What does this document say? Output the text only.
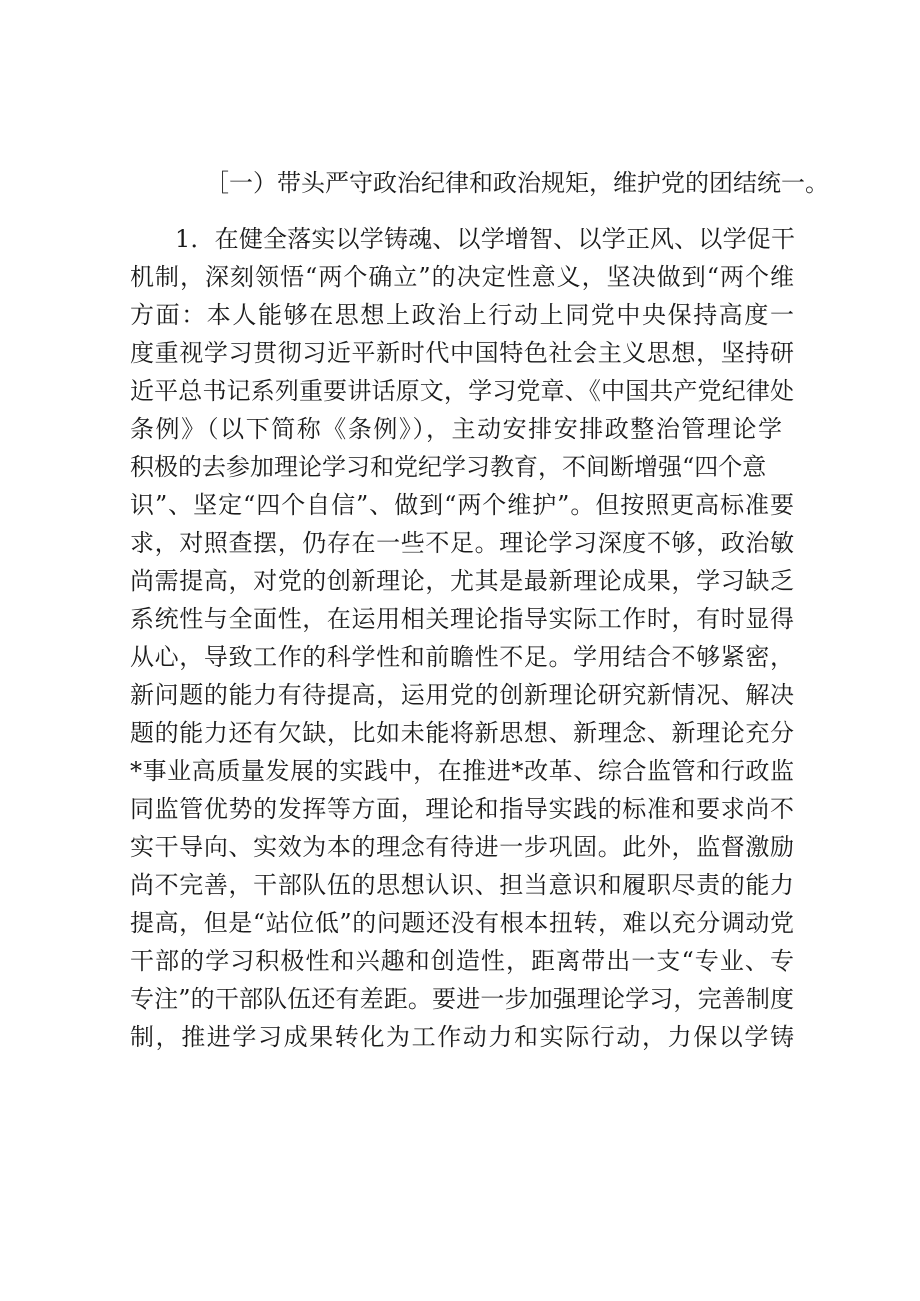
［一）带头严守政治纪律和政治规矩，维护党的团结统一。
1．在健全落实以学铸魂、以学增智、以学正风、以学促干
机制，深刻领悟“两个确立”的决定性意义，坚决做到“两个维
方面：本人能够在思想上政治上行动上同党中央保持高度一
度重视学习贯彻习近平新时代中国特色社会主义思想，坚持研
近平总书记系列重要讲话原文，学习党章、《中国共产党纪律处
条例》（以下简称《条例》），主动安排安排政整治管理论学
积极的去参加理论学习和党纪学习教育，不间断增强“四个意
识”、坚定“四个自信”、做到“两个维护”。但按照更高标准要
求，对照查摆，仍存在一些不足。理论学习深度不够，政治敏
尚需提高，对党的创新理论，尤其是最新理论成果，学习缺乏
系统性与全面性，在运用相关理论指导实际工作时，有时显得
从心，导致工作的科学性和前瞻性不足。学用结合不够紧密，
新问题的能力有待提高，运用党的创新理论研究新情况、解决
题的能力还有欠缺，比如未能将新思想、新理念、新理论充分
*事业高质量发展的实践中，在推进*改革、综合监管和行政监
同监管优势的发挥等方面，理论和指导实践的标准和要求尚不
实干导向、实效为本的理念有待进一步巩固。此外，监督激励
尚不完善，干部队伍的思想认识、担当意识和履职尽责的能力
提高，但是“站位低”的问题还没有根本扭转，难以充分调动党
干部的学习积极性和兴趣和创造性，距离带出一支“专业、专
专注”的干部队伍还有差距。要进一步加强理论学习，完善制度
制，推进学习成果转化为工作动力和实际行动，力保以学铸
